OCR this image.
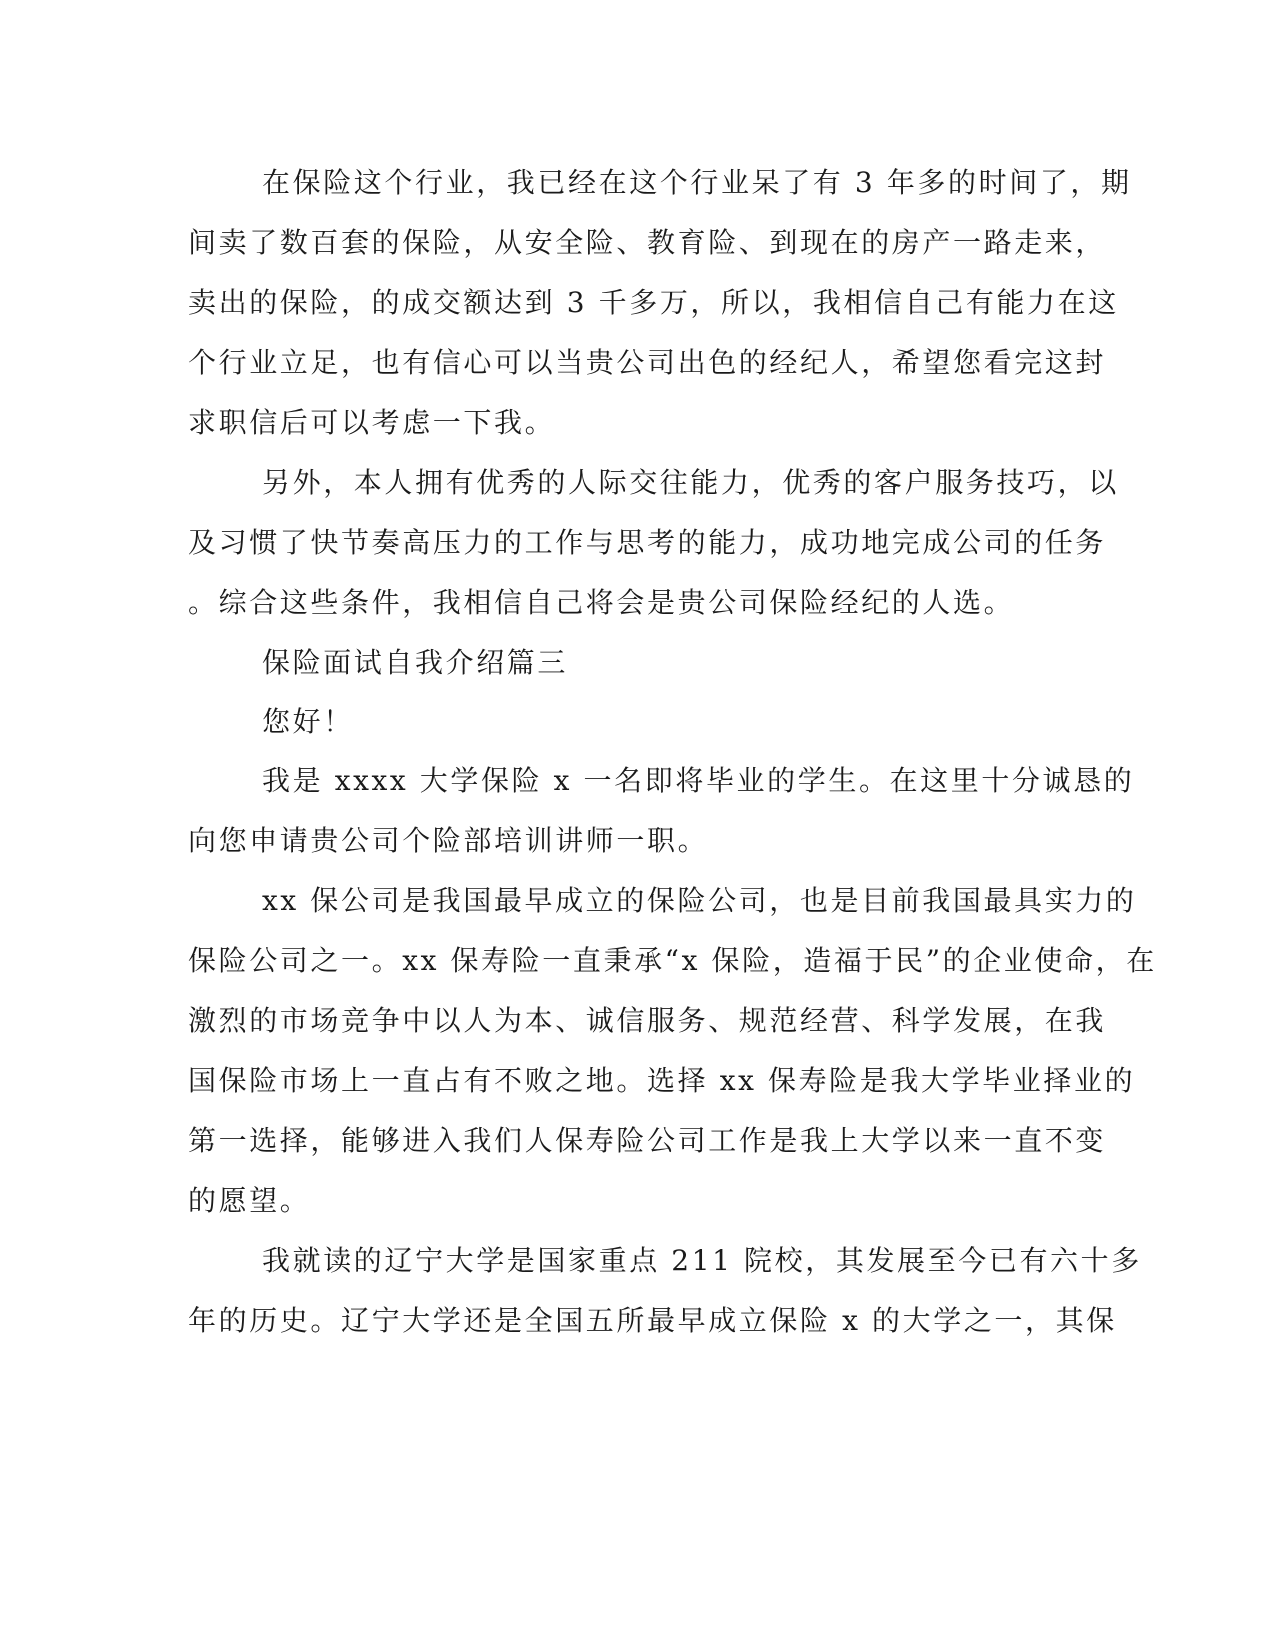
在保险这个行业，我已经在这个行业呆了有 3 年多的时间了，期
间卖了数百套的保险，从安全险、教育险、到现在的房产一路走来，
卖出的保险，的成交额达到 3 千多万，所以，我相信自己有能力在这
个行业立足，也有信心可以当贵公司出色的经纪人，希望您看完这封
求职信后可以考虑一下我。
另外，本人拥有优秀的人际交往能力，优秀的客户服务技巧，以
及习惯了快节奏高压力的工作与思考的能力，成功地完成公司的任务
。综合这些条件，我相信自己将会是贵公司保险经纪的人选。
保险面试自我介绍篇三
您好！
我是 xxxx 大学保险 x 一名即将毕业的学生。在这里十分诚恳的
向您申请贵公司个险部培训讲师一职。
xx 保公司是我国最早成立的保险公司，也是目前我国最具实力的
保险公司之一。xx 保寿险一直秉承“x 保险，造福于民”的企业使命，在
激烈的市场竞争中以人为本、诚信服务、规范经营、科学发展，在我
国保险市场上一直占有不败之地。选择 xx 保寿险是我大学毕业择业的
第一选择，能够进入我们人保寿险公司工作是我上大学以来一直不变
的愿望。
我就读的辽宁大学是国家重点 211 院校，其发展至今已有六十多
年的历史。辽宁大学还是全国五所最早成立保险 x 的大学之一，其保
